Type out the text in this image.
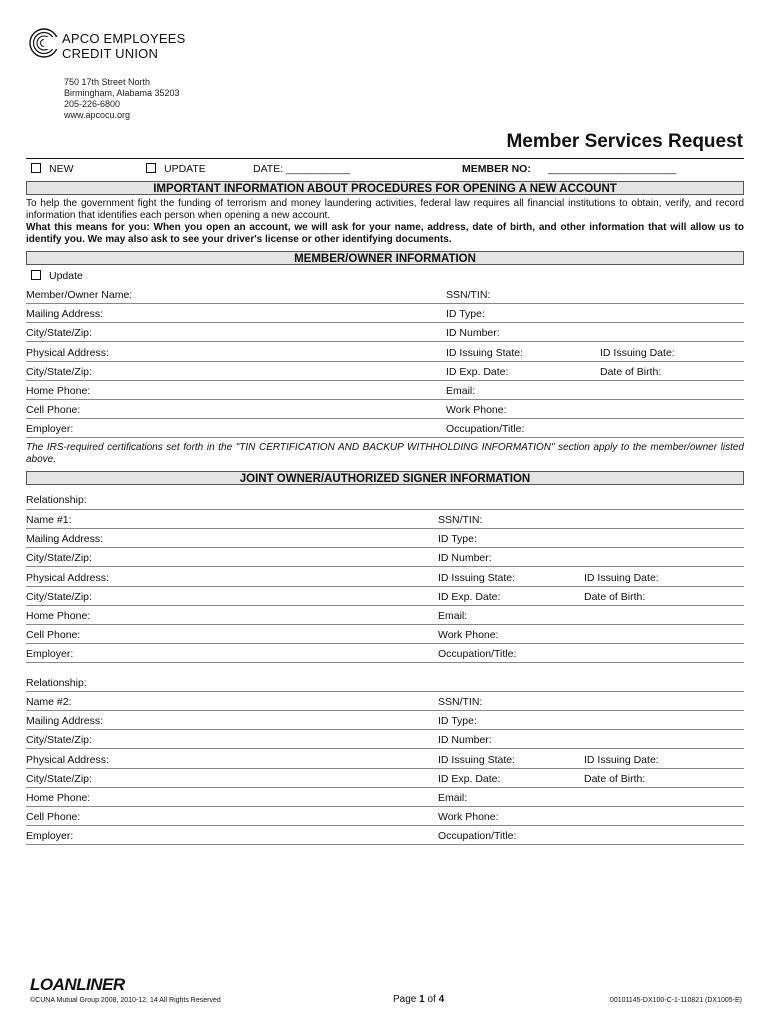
APCO EMPLOYEES
CREDIT UNION
750 17th Street North
Birmingham, Alabama 35203
205-226-6800
www.apcocu.org
Member Services Request
NEW	UPDATE	DATE: ___________	MEMBER NO: ______________________
IMPORTANT INFORMATION ABOUT PROCEDURES FOR OPENING A NEW ACCOUNT
To help the government fight the funding of terrorism and money laundering activities, federal law requires all financial institutions to obtain, verify, and record information that identifies each person when opening a new account.
What this means for you: When you open an account, we will ask for your name, address, date of birth, and other information that will allow us to identify you. We may also ask to see your driver's license or other identifying documents.
MEMBER/OWNER INFORMATION
Update
Member/Owner Name:	SSN/TIN:
Mailing Address:	ID Type:
City/State/Zip:	ID Number:
Physical Address:	ID Issuing State:	ID Issuing Date:
City/State/Zip:	ID Exp. Date:	Date of Birth:
Home Phone:	Email:
Cell Phone:	Work Phone:
Employer:	Occupation/Title:
The IRS-required certifications set forth in the "TIN CERTIFICATION AND BACKUP WITHHOLDING INFORMATION" section apply to the member/owner listed above.
JOINT OWNER/AUTHORIZED SIGNER INFORMATION
Relationship:
Name #1:	SSN/TIN:
Mailing Address:	ID Type:
City/State/Zip:	ID Number:
Physical Address:	ID Issuing State:	ID Issuing Date:
City/State/Zip:	ID Exp. Date:	Date of Birth:
Home Phone:	Email:
Cell Phone:	Work Phone:
Employer:	Occupation/Title:
Relationship:
Name #2:	SSN/TIN:
Mailing Address:	ID Type:
City/State/Zip:	ID Number:
Physical Address:	ID Issuing State:	ID Issuing Date:
City/State/Zip:	ID Exp. Date:	Date of Birth:
Home Phone:	Email:
Cell Phone:	Work Phone:
Employer:	Occupation/Title:
LOANLINER
©CUNA Mutual Group 2008, 2010-12, 14 All Rights Reserved	Page 1 of 4	00101145-DX100-C-1-110821 (DX1005-E)
